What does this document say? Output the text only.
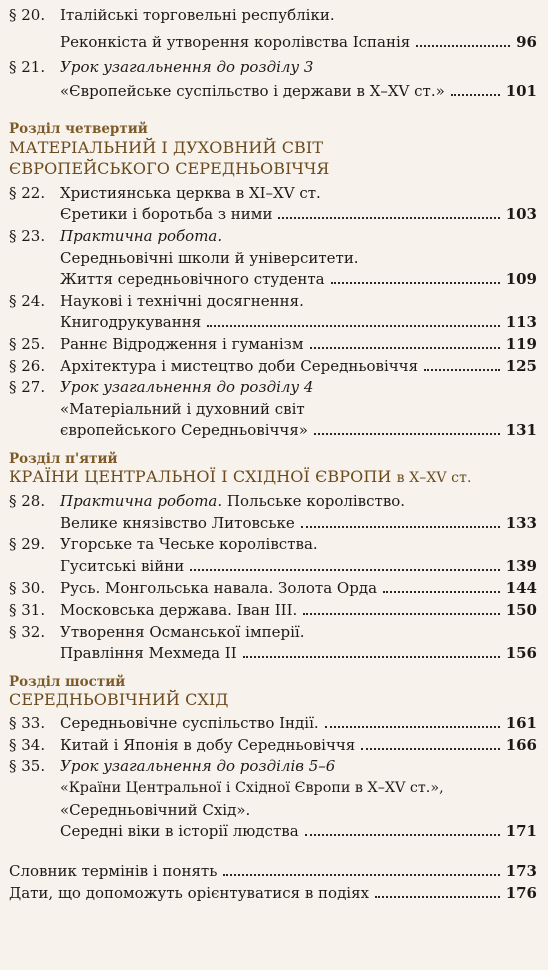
§ 20. Італійські торговельні республіки.
Реконкіста й утворення королівства Іспанія	96
§ 21. Урок узагальнення до розділу 3
«Європейське суспільство і держави в X–XV ст.»	101
Розділ четвертий
МАТЕРІАЛЬНИЙ І ДУХОВНИЙ СВІТ
ЄВРОПЕЙСЬКОГО СЕРЕДНЬОВІЧЧЯ
§ 22. Християнська церква в XI–XV ст.
Єретики і боротьба з ними	103
§ 23. Практична робота.
Середньовічні школи й університети.
Життя середньовічного студента	109
§ 24. Наукові і технічні досягнення.
Книгодрукування	113
§ 25. Раннє Відродження і гуманізм	119
§ 26. Архітектура і мистецтво доби Середньовіччя	125
§ 27. Урок узагальнення до розділу 4
«Матеріальний і духовний світ
європейського Середньовіччя»	131
Розділ п'ятий
КРАЇНИ ЦЕНТРАЛЬНОЇ І СХІДНОЇ ЄВРОПИ в X–XV ст.
§ 28. Практична робота. Польське королівство.
Велике князівство Литовське	133
§ 29. Угорське та Чеське королівства.
Гуситські війни	139
§ 30. Русь. Монгольська навала. Золота Орда	144
§ 31. Московська держава. Іван III.	150
§ 32. Утворення Османської імперії.
Правління Мехмеда II	156
Розділ шостий
СЕРЕДНЬОВІЧНИЙ СХІД
§ 33. Середньовічне суспільство Індії.	161
§ 34. Китай і Японія в добу Середньовіччя	166
§ 35. Урок узагальнення до розділів 5–6
«Країни Центральної і Східної Європи в X–XV ст.»,
«Середньовічний Схід».
Середні віки в історії людства	171
Словник термінів і понять	173
Дати, що допоможуть орієнтуватися в подіях	176
